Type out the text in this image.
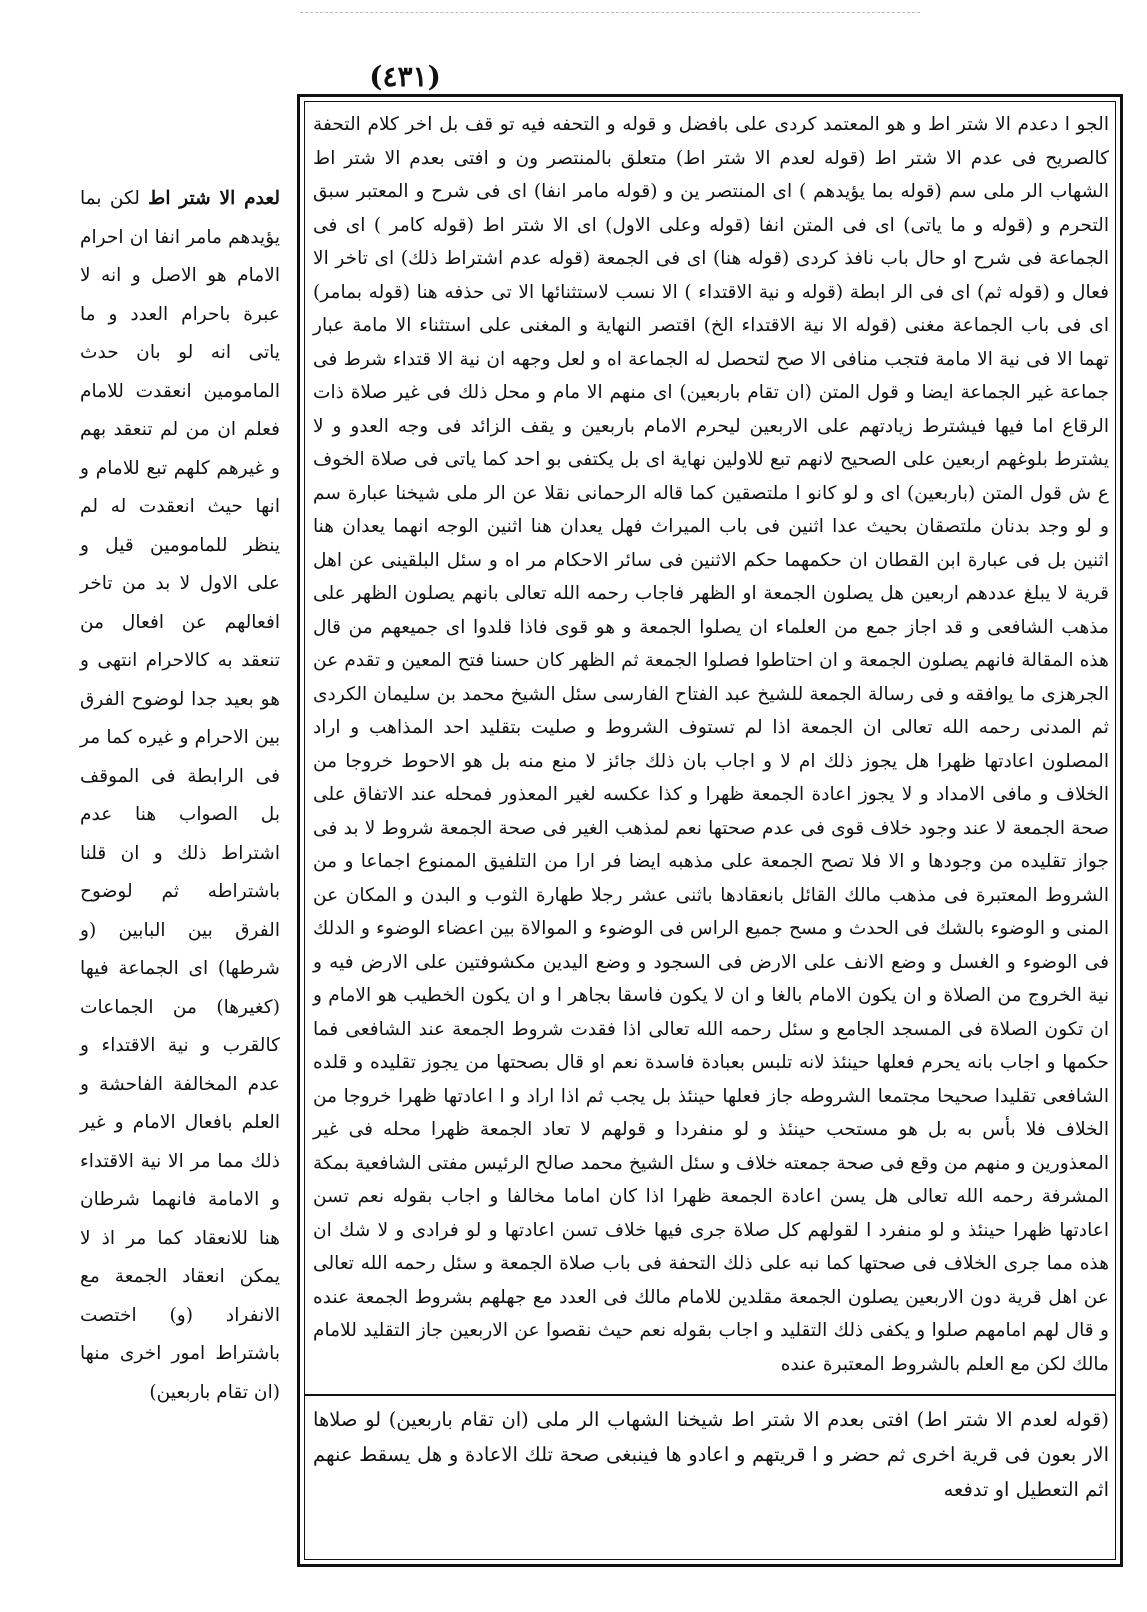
(٤٣١)
لعدم الا شتر اط لكن بما يؤيدهم مامر انفا ان احرام الامام هو الاصل و انه لا عبرة باحرام العدد و ما ياتى انه لو بان حدث المامومين انعقدت للامام فعلم ان من لم تنعقد بهم و غيرهم كلهم تبع للامام و انها حيث انعقدت له لم ينظر للمامومين قيل و على الاول لا بد من تاخر افعالهم عن افعال من تنعقد به كالاحرام انتهى و هو بعيد جدا لوضوح الفرق بين الاحرام و غيره كما مر فى الرابطة فى الموقف بل الصواب هنا عدم اشتراط ذلك و ان قلنا باشتراطه ثم لوضوح الفرق بين البابين (و شرطها) اى الجماعة فيها (كغيرها) من الجماعات كالقرب و نية الاقتداء و عدم المخالفة الفاحشة و العلم بافعال الامام و غير ذلك مما مر الا نية الاقتداء و الامامة فانهما شرطان هنا للانعقاد كما مر اذ لا يمكن انعقاد الجمعة مع الانفراد (و) اختصت باشتراط امور اخرى منها (ان تقام باربعين)
الجو ا دعدم الا شتر اط و هو المعتمد كردى على بافضل و قوله و التحفه فيه تو قف بل اخر كلام التحفة كالصريح فى عدم الا شتر اط (قوله لعدم الا شتر اط) متعلق بالمنتصر ون و افتى بعدم الا شتر اط الشهاب الر ملى سم (قوله بما يؤيدهم ) اى المنتصر ين و (قوله مامر انفا) اى فى شرح و المعتبر سبق التحرم و (قوله و ما ياتى) اى فى المتن انفا (قوله وعلى الاول) اى الا شتر اط (قوله كامر ) اى فى الجماعة فى شرح او حال باب نافذ كردى (قوله هنا) اى فى الجمعة (قوله عدم اشتراط ذلك) اى تاخر الا فعال و (قوله ثم) اى فى الر ابطة (قوله و نية الاقتداء ) الا نسب لاستثنائها الا تى حذفه هنا (قوله بمامر) اى فى باب الجماعة مغنى (قوله الا نية الاقتداء الخ) اقتصر النهاية و المغنى على استثناء الا مامة عبار تهما الا فى نية الا مامة فتجب منافى الا صح لتحصل له الجماعة اه و لعل وجهه ان نية الا قتداء شرط فى جماعة غير الجماعة ايضا و قول المتن (ان تقام باربعين) اى منهم الا مام و محل ذلك فى غير صلاة ذات الرقاع اما فيها فيشترط زيادتهم على الاربعين ليحرم الامام باربعين و يقف الزائد فى وجه العدو و لا يشترط بلوغهم اربعين على الصحيح لانهم تبع للاولين نهاية اى بل يكتفى بو احد كما ياتى فى صلاة الخوف ع ش قول المتن (باربعين) اى و لو كانو ا ملتصقين كما قاله الرحمانى نقلا عن الر ملى شيخنا عبارة سم و لو وجد بدنان ملتصقان بحيث عدا اثنين فى باب الميراث فهل يعدان هنا اثنين الوجه انهما يعدان هنا اثنين بل فى عبارة ابن القطان ان حكمهما حكم الاثنين فى سائر الاحكام مر اه و سئل البلقينى عن اهل قرية لا يبلغ عددهم اربعين هل يصلون الجمعة او الظهر فاجاب رحمه الله تعالى بانهم يصلون الظهر على مذهب الشافعى و قد اجاز جمع من العلماء ان يصلوا الجمعة و هو قوى فاذا قلدوا اى جميعهم من قال هذه المقالة فانهم يصلون الجمعة و ان احتاطوا فصلوا الجمعة ثم الظهر كان حسنا فتح المعين و تقدم عن الجرهزى ما يوافقه و فى رسالة الجمعة للشيخ عبد الفتاح الفارسى سئل الشيخ محمد بن سليمان الكردى ثم المدنى رحمه الله تعالى ان الجمعة اذا لم تستوف الشروط و صليت بتقليد احد المذاهب و اراد المصلون اعادتها ظهرا هل يجوز ذلك ام لا و اجاب بان ذلك جائز لا منع منه بل هو الاحوط خروجا من الخلاف و مافى الامداد و لا يجوز اعادة الجمعة ظهرا و كذا عكسه لغير المعذور فمحله عند الاتفاق على صحة الجمعة لا عند وجود خلاف قوى فى عدم صحتها نعم لمذهب الغير فى صحة الجمعة شروط لا بد فى جواز تقليده من وجودها و الا فلا تصح الجمعة على مذهبه ايضا فر ارا من التلفيق الممنوع اجماعا و من الشروط المعتبرة فى مذهب مالك القائل بانعقادها باثنى عشر رجلا طهارة الثوب و البدن و المكان عن المنى و الوضوء بالشك فى الحدث و مسح جميع الراس فى الوضوء و الموالاة بين اعضاء الوضوء و الدلك فى الوضوء و الغسل و وضع الانف على الارض فى السجود و وضع اليدين مكشوفتين على الارض فيه و نية الخروج من الصلاة و ان يكون الامام بالغا و ان لا يكون فاسقا بجاهر ا و ان يكون الخطيب هو الامام و ان تكون الصلاة فى المسجد الجامع و سئل رحمه الله تعالى اذا فقدت شروط الجمعة عند الشافعى فما حكمها و اجاب بانه يحرم فعلها حينئذ لانه تلبس بعبادة فاسدة نعم او قال بصحتها من يجوز تقليده و قلده الشافعى تقليدا صحيحا مجتمعا الشروطه جاز فعلها حينئذ بل يجب ثم اذا اراد و ا اعادتها ظهرا خروجا من الخلاف فلا بأس به بل هو مستحب حينئذ و لو منفردا و قولهم لا تعاد الجمعة ظهرا محله فى غير المعذورين و منهم من وقع فى صحة جمعته خلاف و سئل الشيخ محمد صالح الرئيس مفتى الشافعية بمكة المشرفة رحمه الله تعالى هل يسن اعادة الجمعة ظهرا اذا كان اماما مخالفا و اجاب بقوله نعم تسن اعادتها ظهرا حينئذ و لو منفرد ا لقولهم كل صلاة جرى فيها خلاف تسن اعادتها و لو فرادى و لا شك ان هذه مما جرى الخلاف فى صحتها كما نبه على ذلك التحفة فى باب صلاة الجمعة و سئل رحمه الله تعالى عن اهل قرية دون الاربعين يصلون الجمعة مقلدين للامام مالك فى العدد مع جهلهم بشروط الجمعة عنده و قال لهم امامهم صلوا و يكفى ذلك التقليد و اجاب بقوله نعم حيث نقصوا عن الاربعين جاز التقليد للامام مالك لكن مع العلم بالشروط المعتبرة عنده
(قوله لعدم الا شتر اط) افتى بعدم الا شتر اط شيخنا الشهاب الر ملى (ان تقام باربعين) لو صلاها الار بعون فى قرية اخرى ثم حضر و ا قريتهم و اعادو ها فينبغى صحة تلك الاعادة و هل يسقط عنهم اثم التعطيل او تدفعه
